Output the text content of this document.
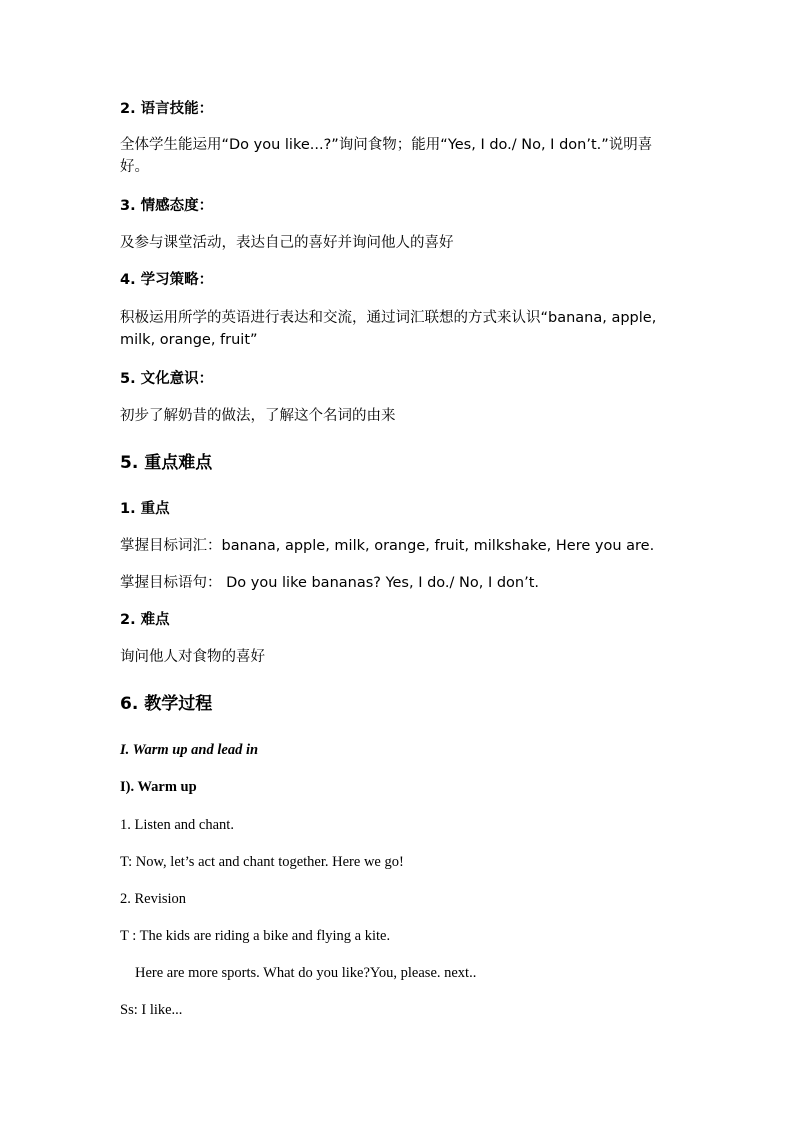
2. 语言技能：
全体学生能运用“Do you like...?”询问食物；能用“Yes, I do./ No, I don’t.”说明喜好。
3. 情感态度：
及参与课堂活动，表达自己的喜好并询问他人的喜好
4. 学习策略：
积极运用所学的英语进行表达和交流，通过词汇联想的方式来认识“banana, apple, milk, orange, fruit”
5. 文化意识：
初步了解奶昔的做法，了解这个名词的由来
5. 重点难点
1. 重点
掌握目标词汇：banana, apple, milk, orange, fruit, milkshake, Here you are.
掌握目标语句： Do you like bananas? Yes, I do./ No, I don’t.
2. 难点
询问他人对食物的喜好
6. 教学过程
I. Warm up and lead in
I). Warm up
1. Listen and chant.
T: Now, let’s act and chant together. Here we go!
2. Revision
T : The kids are riding a bike and flying a kite.
Here are more sports. What do you like?You, please. next..
Ss: I like...
